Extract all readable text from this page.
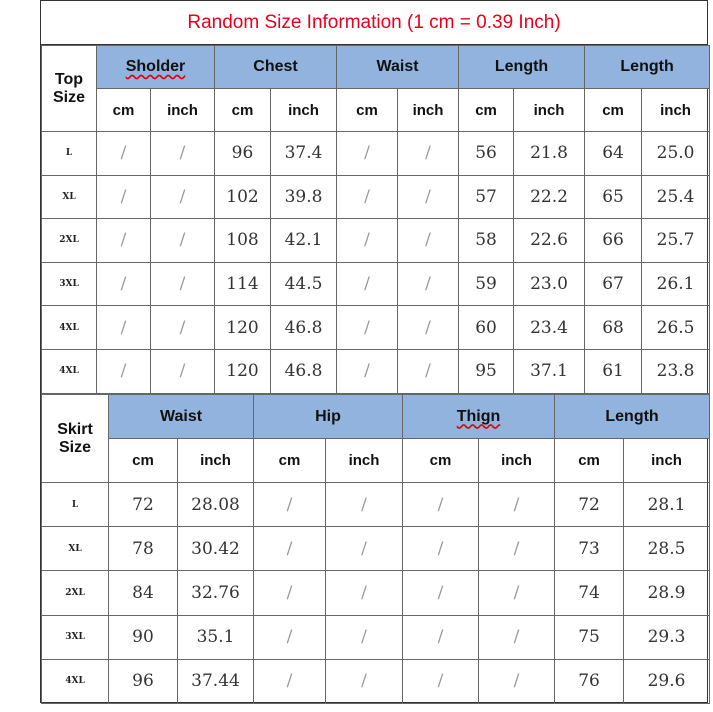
Random Size Information (1 cm = 0.39 Inch)
Top Size	Sholder		Chest		Waist		Length		Length	
	cm	inch	cm	inch	cm	inch	cm	inch	cm	inch
L	/	/	96	37.4	/	/	56	21.8	64	25.0
XL	/	/	102	39.8	/	/	57	22.2	65	25.4
2XL	/	/	108	42.1	/	/	58	22.6	66	25.7
3XL	/	/	114	44.5	/	/	59	23.0	67	26.1
4XL	/	/	120	46.8	/	/	60	23.4	68	26.5
4XL	/	/	120	46.8	/	/	95	37.1	61	23.8
Skirt Size	Waist		Hip		Thign		Length	
	cm	inch	cm	inch	cm	inch	cm	inch
L	72	28.08	/	/	/	/	72	28.1
XL	78	30.42	/	/	/	/	73	28.5
2XL	84	32.76	/	/	/	/	74	28.9
3XL	90	35.1	/	/	/	/	75	29.3
4XL	96	37.44	/	/	/	/	76	29.6
